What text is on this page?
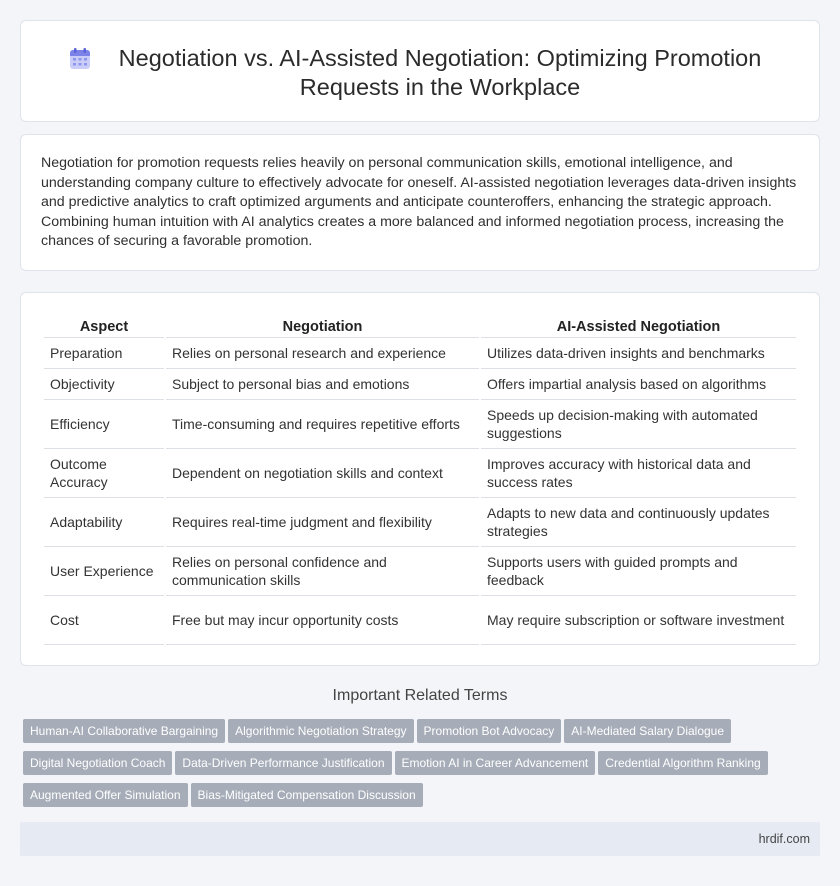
Negotiation vs. AI-Assisted Negotiation: Optimizing Promotion Requests in the Workplace

Negotiation for promotion requests relies heavily on personal communication skills, emotional intelligence, and understanding company culture to effectively advocate for oneself. AI-assisted negotiation leverages data-driven insights and predictive analytics to craft optimized arguments and anticipate counteroffers, enhancing the strategic approach. Combining human intuition with AI analytics creates a more balanced and informed negotiation process, increasing the chances of securing a favorable promotion.

Aspect	Negotiation	AI-Assisted Negotiation
Preparation	Relies on personal research and experience	Utilizes data-driven insights and benchmarks
Objectivity	Subject to personal bias and emotions	Offers impartial analysis based on algorithms
Efficiency	Time-consuming and requires repetitive efforts	Speeds up decision-making with automated suggestions
Outcome Accuracy	Dependent on negotiation skills and context	Improves accuracy with historical data and success rates
Adaptability	Requires real-time judgment and flexibility	Adapts to new data and continuously updates strategies
User Experience	Relies on personal confidence and communication skills	Supports users with guided prompts and feedback
Cost	Free but may incur opportunity costs	May require subscription or software investment
Important Related Terms
Human-AI Collaborative Bargaining Algorithmic Negotiation Strategy Promotion Bot Advocacy AI-Mediated Salary Dialogue
Digital Negotiation Coach Data-Driven Performance Justification Emotion AI in Career Advancement Credential Algorithm Ranking
Augmented Offer Simulation Bias-Mitigated Compensation Discussion
hrdif.com
